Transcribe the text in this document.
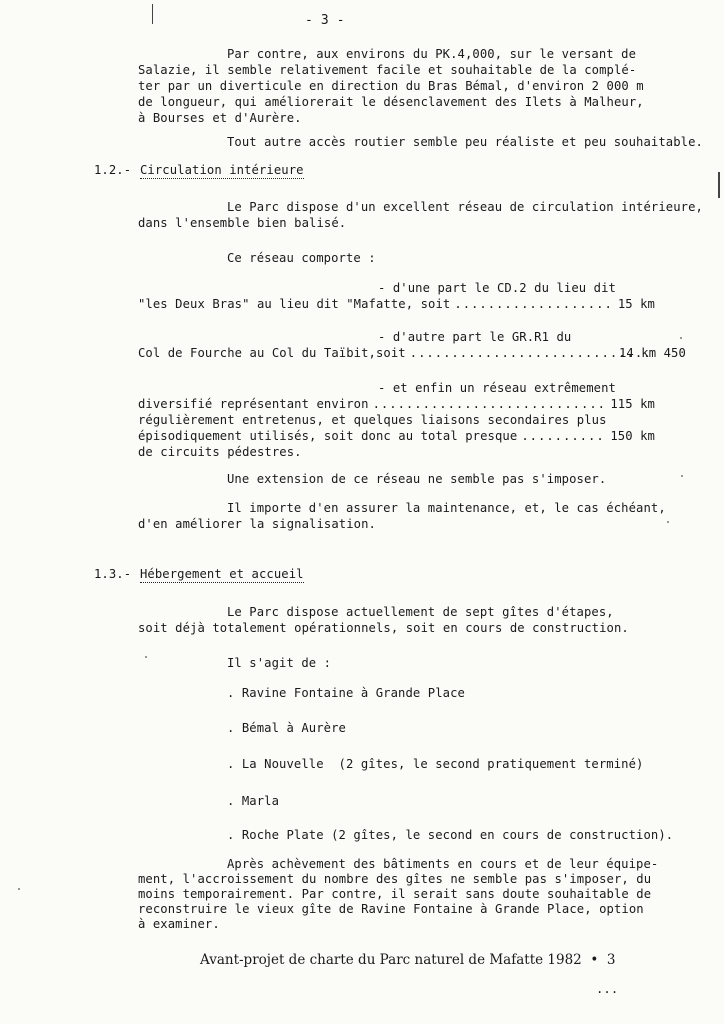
- 3 -
Par contre, aux environs du PK.4,000, sur le versant de
Salazie, il semble relativement facile et souhaitable de la complé-
ter par un diverticule en direction du Bras Bémal, d'environ 2 000 m
de longueur, qui améliorerait le désenclavement des Ilets à Malheur,
à Bourses et d'Aurère.
Tout autre accès routier semble peu réaliste et peu souhaitable.
1.2.- Circulation intérieure
Le Parc dispose d'un excellent réseau de circulation intérieure,
dans l'ensemble bien balisé.
Ce réseau comporte :
- d'une part le CD.2 du lieu dit
"les Deux Bras" au lieu dit "Mafatte, soit .....	15 km
- d'autre part le GR.R1 du
Col de Fourche au Col du Taïbit,soit .....	14 km 450
- et enfin un réseau extrêmement
diversifié représentant environ .....	115 km
régulièrement entretenus, et quelques liaisons secondaires plus
épisodiquement utilisés, soit donc au total presque .....	150 km
de circuits pédestres.
Une extension de ce réseau ne semble pas s'imposer.
Il importe d'en assurer la maintenance, et, le cas échéant,
d'en améliorer la signalisation.
1.3.- Hébergement et accueil
Le Parc dispose actuellement de sept gîtes d'étapes,
soit déjà totalement opérationnels, soit en cours de construction.
Il s'agit de :
. Ravine Fontaine à Grande Place
. Bémal à Aurère
. La Nouvelle  (2 gîtes, le second pratiquement terminé)
. Marla
. Roche Plate (2 gîtes, le second en cours de construction).
Après achèvement des bâtiments en cours et de leur équipe-
ment, l'accroissement du nombre des gîtes ne semble pas s'imposer, du
moins temporairement. Par contre, il serait sans doute souhaitable de
reconstruire le vieux gîte de Ravine Fontaine à Grande Place, option
à examiner.
Avant-projet de charte du Parc naturel de Mafatte 1982  •  3
...
